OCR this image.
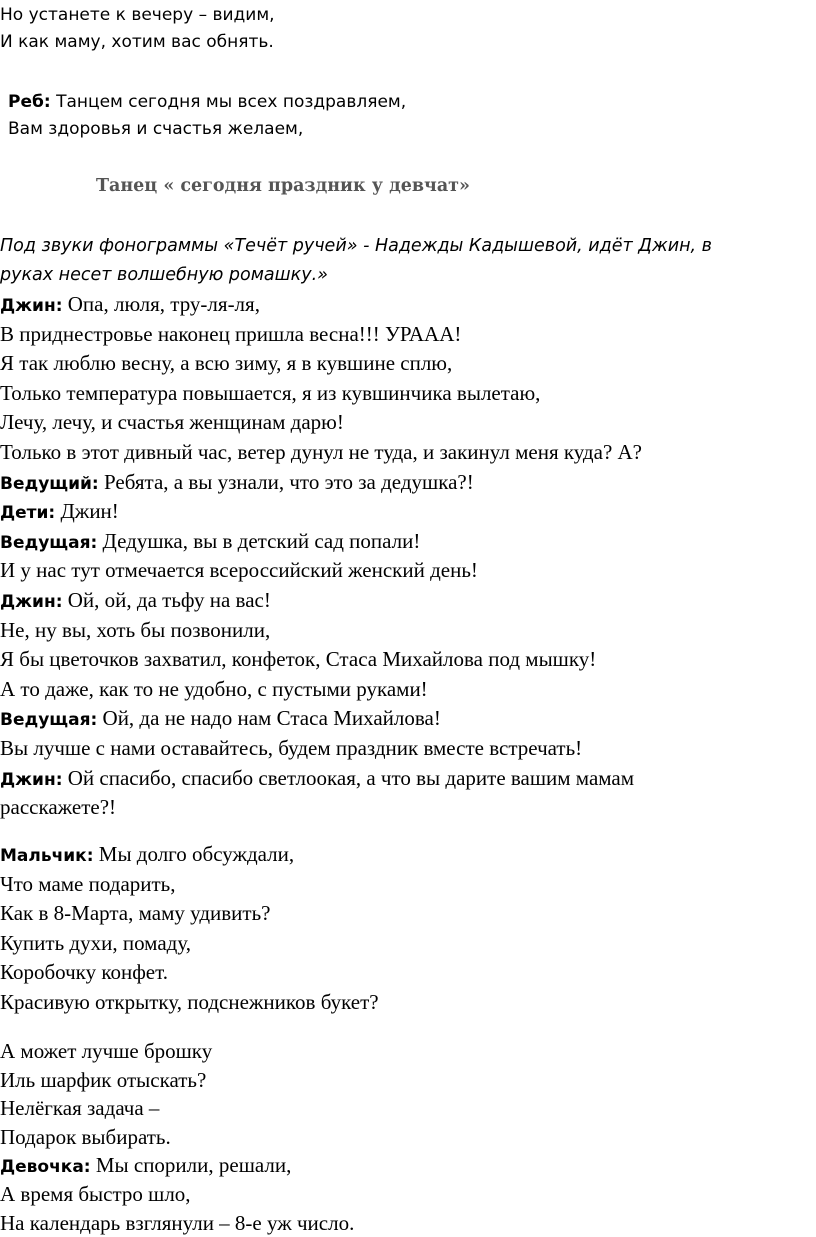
Но устанете к вечеру – видим,
И как маму, хотим вас обнять.
Реб: Танцем сегодня мы всех поздравляем,
Вам здоровья и счастья желаем,
Танец « сегодня праздник у девчат»
Под звуки фонограммы «Течёт ручей» - Надежды Кадышевой, идёт Джин, в
руках несет волшебную ромашку.»
Джин: Опа, люля, тру-ля-ля,
В приднестровье наконец пришла весна!!! УРААА!
Я так люблю весну, а всю зиму, я в кувшине сплю,
Только температура повышается, я из кувшинчика вылетаю,
Лечу, лечу, и счастья женщинам дарю!
Только в этот дивный час, ветер дунул не туда, и закинул меня куда? А?
Ведущий: Ребята, а вы узнали, что это за дедушка?!
Дети: Джин!
Ведущая: Дедушка, вы в детский сад попали!
И у нас тут отмечается всероссийский женский день!
Джин: Ой, ой, да тьфу на вас!
Не, ну вы, хоть бы позвонили,
Я бы цветочков захватил, конфеток, Стаса Михайлова под мышку!
А то даже, как то не удобно, с пустыми руками!
Ведущая: Ой, да не надо нам Стаса Михайлова!
Вы лучше с нами оставайтесь, будем праздник вместе встречать!
Джин: Ой спасибо, спасибо светлоокая, а что вы дарите вашим мамам
расскажете?!
Мальчик: Мы долго обсуждали,
Что маме подарить,
Как в 8-Марта, маму удивить?
Купить духи, помаду,
Коробочку конфет.
Красивую открытку, подснежников букет?
А может лучше брошку
Иль шарфик отыскать?
Нелёгкая задача –
Подарок выбирать.
Девочка: Мы спорили, решали,
А время быстро шло,
На календарь взглянули – 8-е уж число.
